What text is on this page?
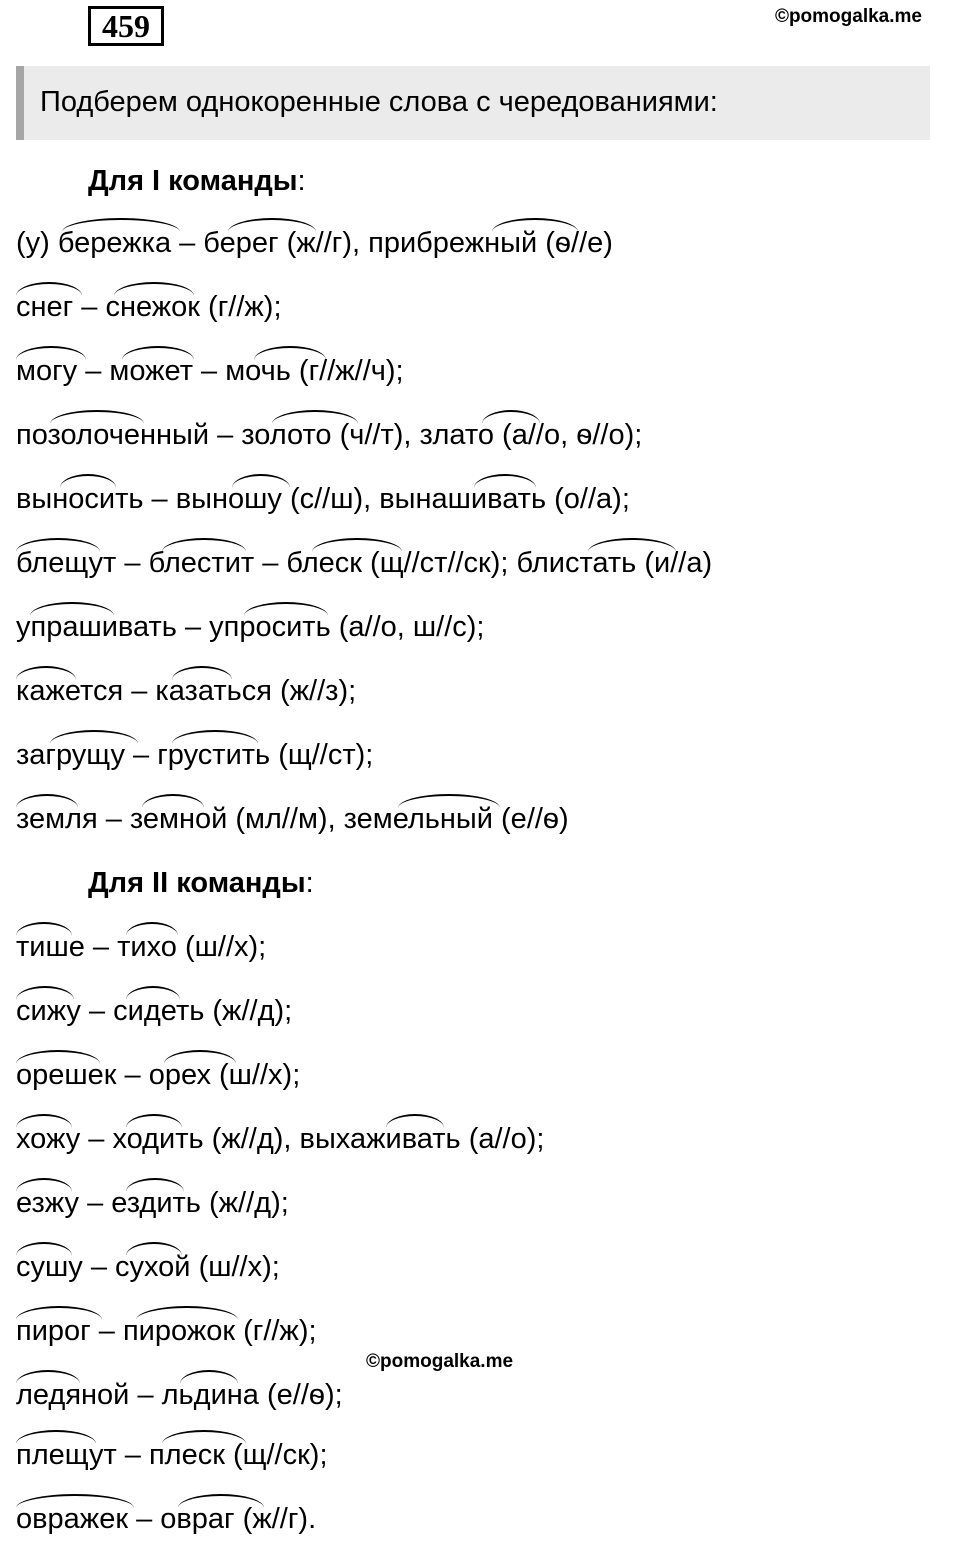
459	©pomogalka.me
Подберем однокоренные слова с чередованиями:
Для I команды:
(у) бережка – берег (ж//г), прибрежный (ѳ//е)
снег – снежок (г//ж);
могу – может – мочь (г//ж//ч);
позолоченный – золото (ч//т), злато (а//о, ѳ//о);
выносить – выношу (с//ш), вынашивать (о//а);
блещут – блестит – блеск (щ//ст//ск); блистать (и//а)
упрашивать – упросить (а//о, ш//с);
кажется – казаться (ж//з);
загрущу – грустить (щ//ст);
земля – земной (мл//м), земельный (е//ѳ)
Для II команды:
тише – тихо (ш//х);
сижу – сидеть (ж//д);
орешек – орех (ш//х);
хожу – ходить (ж//д), выхаживать (а//о);
езжу – ездить (ж//д);
сушу – сухой (ш//х);
пирог – пирожок (г//ж);
ледяной – льдина (е//ѳ);
плещут – плеск (щ//ск);
овражек – овраг (ж//г).
©pomogalka.me
